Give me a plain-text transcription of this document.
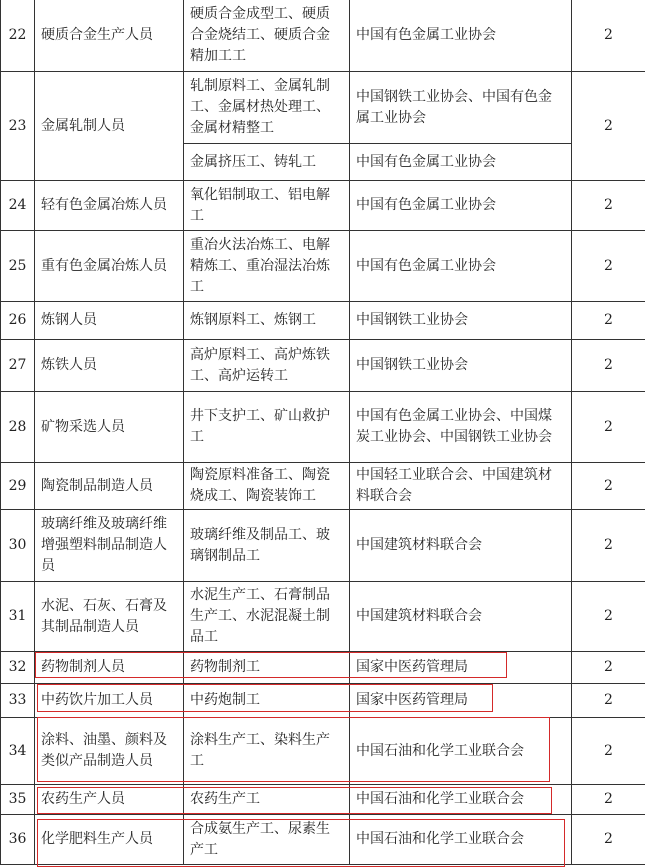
22	硬质合金生产人员	硬质合金成型工、硬质合金烧结工、硬质合金精加工工	中国有色金属工业协会	2
23	金属轧制人员	轧制原料工、金属轧制工、金属材热处理工、金属材精整工	中国钢铁工业协会、中国有色金属工业协会	2
		金属挤压工、铸轧工	中国有色金属工业协会	
24	轻有色金属冶炼人员	氧化铝制取工、铝电解工	中国有色金属工业协会	2
25	重有色金属冶炼人员	重冶火法冶炼工、电解精炼工、重冶湿法冶炼工	中国有色金属工业协会	2
26	炼钢人员	炼钢原料工、炼钢工	中国钢铁工业协会	2
27	炼铁人员	高炉原料工、高炉炼铁工、高炉运转工	中国钢铁工业协会	2
28	矿物采选人员	井下支护工、矿山救护工	中国有色金属工业协会、中国煤炭工业协会、中国钢铁工业协会	2
29	陶瓷制品制造人员	陶瓷原料准备工、陶瓷烧成工、陶瓷装饰工	中国轻工业联合会、中国建筑材料联合会	2
30	玻璃纤维及玻璃纤维增强塑料制品制造人员	玻璃纤维及制品工、玻璃钢制品工	中国建筑材料联合会	2
31	水泥、石灰、石膏及其制品制造人员	水泥生产工、石膏制品生产工、水泥混凝土制品工	中国建筑材料联合会	2
32	药物制剂人员	药物制剂工	国家中医药管理局	2
33	中药饮片加工人员	中药炮制工	国家中医药管理局	2
34	涂料、油墨、颜料及类似产品制造人员	涂料生产工、染料生产工	中国石油和化学工业联合会	2
35	农药生产人员	农药生产工	中国石油和化学工业联合会	2
36	化学肥料生产人员	合成氨生产工、尿素生产工	中国石油和化学工业联合会	2
